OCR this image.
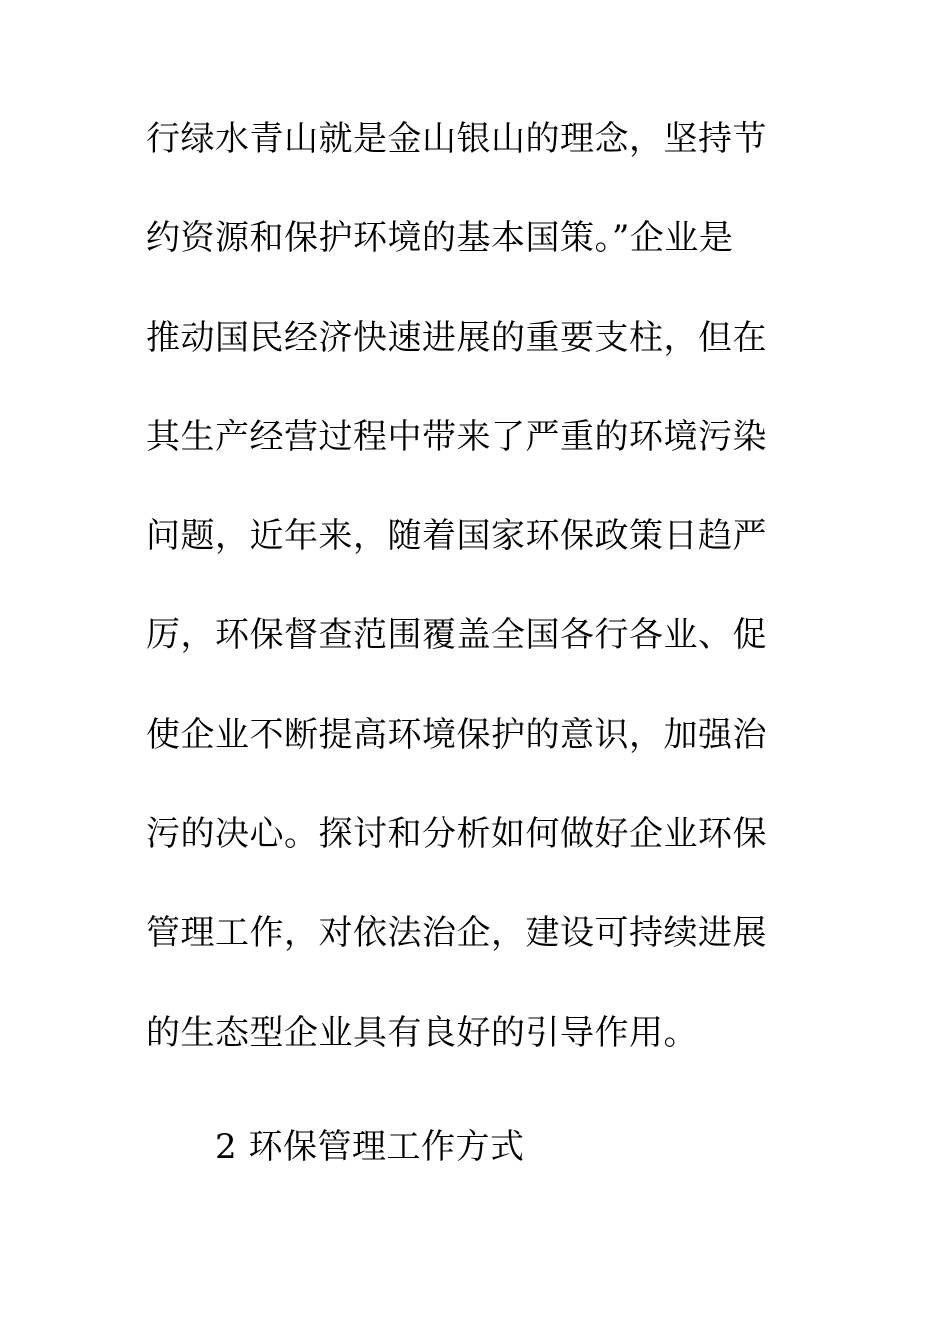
行绿水青山就是金山银山的理念，坚持节
约资源和保护环境的基本国策。”企业是
推动国民经济快速进展的重要支柱，但在
其生产经营过程中带来了严重的环境污染
问题，近年来，随着国家环保政策日趋严
厉，环保督查范围覆盖全国各行各业、促
使企业不断提高环境保护的意识，加强治
污的决心。探讨和分析如何做好企业环保
管理工作，对依法治企，建设可持续进展
的生态型企业具有良好的引导作用。
2 环保管理工作方式
